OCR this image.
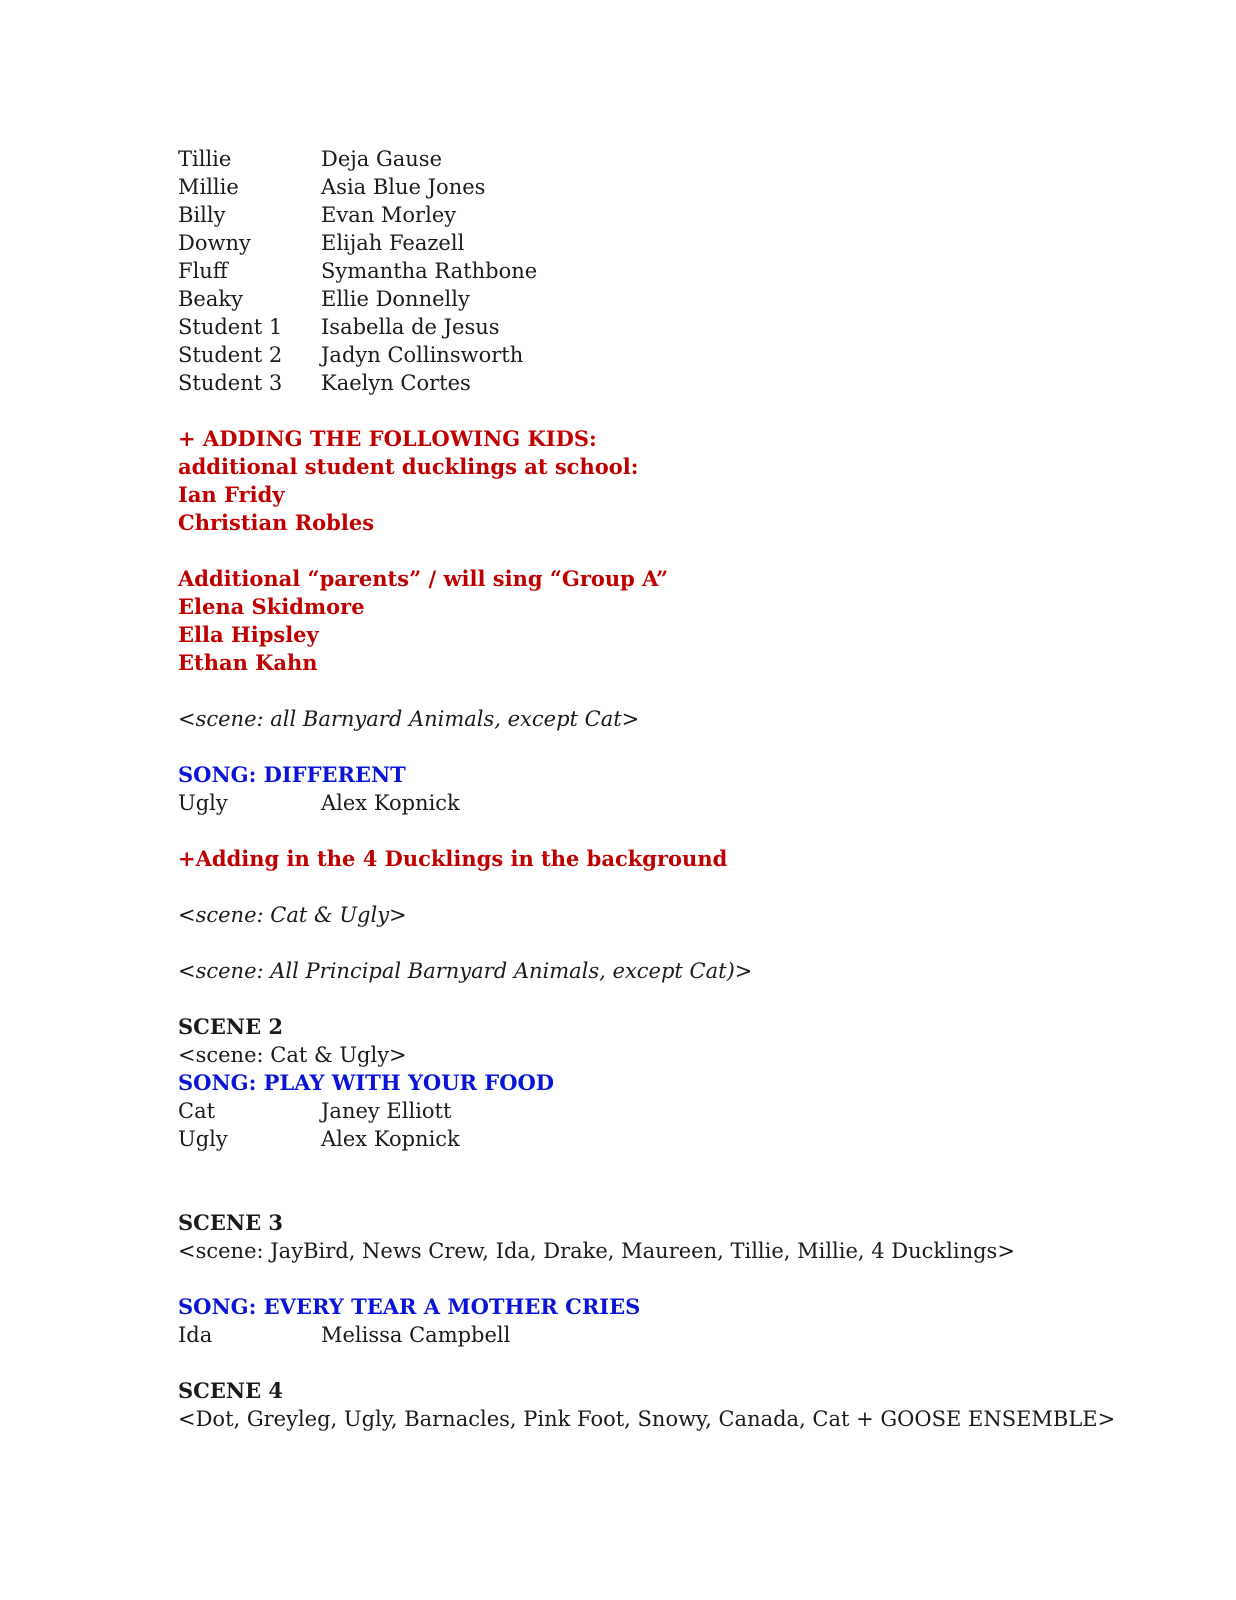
Tillie	Deja Gause
Millie	Asia Blue Jones
Billy	Evan Morley
Downy	Elijah Feazell
Fluff	Symantha Rathbone
Beaky	Ellie Donnelly
Student 1	Isabella de Jesus
Student 2	Jadyn Collinsworth
Student 3	Kaelyn Cortes
+ ADDING THE FOLLOWING KIDS:
additional student ducklings at school:
Ian Fridy
Christian Robles
Additional “parents” / will sing “Group A”
Elena Skidmore
Ella Hipsley
Ethan Kahn
<scene: all Barnyard Animals, except Cat>
SONG: DIFFERENT
Ugly	Alex Kopnick
+Adding in the 4 Ducklings in the background
<scene: Cat & Ugly>
<scene: All Principal Barnyard Animals, except Cat)>
SCENE 2
<scene: Cat & Ugly>
SONG: PLAY WITH YOUR FOOD
Cat	Janey Elliott
Ugly	Alex Kopnick
SCENE 3
<scene: JayBird, News Crew, Ida, Drake, Maureen, Tillie, Millie, 4 Ducklings>
SONG: EVERY TEAR A MOTHER CRIES
Ida	Melissa Campbell
SCENE 4
<Dot, Greyleg, Ugly, Barnacles, Pink Foot, Snowy, Canada, Cat + GOOSE ENSEMBLE>
